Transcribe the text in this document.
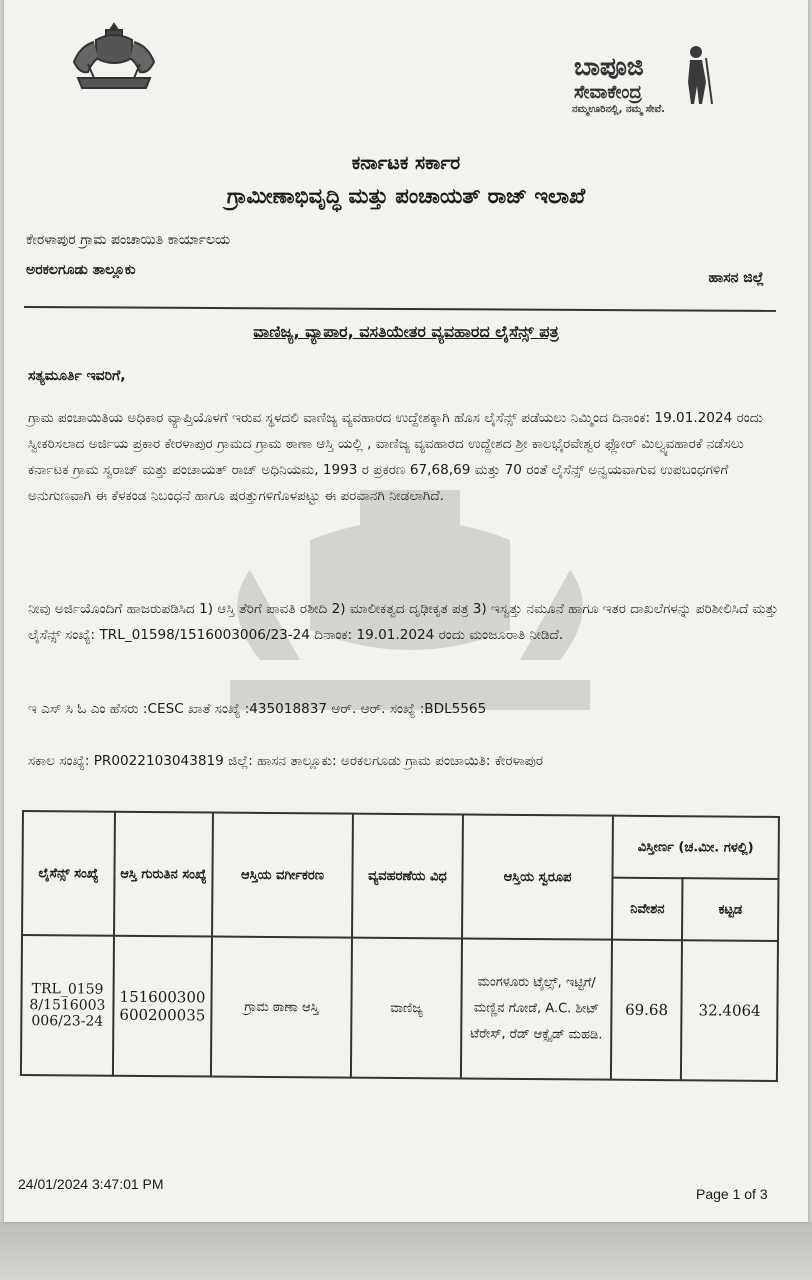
ಬಾಪೂಜಿ
ಸೇವಾಕೇಂದ್ರ
ನಮ್ಮಊರಿನಲ್ಲಿ, ನಮ್ಮ ಸೇವೆ.
ಕರ್ನಾಟಕ ಸರ್ಕಾರ
ಗ್ರಾಮೀಣಾಭಿವೃದ್ಧಿ ಮತ್ತು ಪಂಚಾಯತ್ ರಾಜ್ ಇಲಾಖೆ
ಕೇರಳಾಪುರ ಗ್ರಾಮ ಪಂಚಾಯಿತಿ ಕಾರ್ಯಾಲಯ
ಅರಕಲಗೂಡು ತಾಲ್ಲೂಕು	ಹಾಸನ ಜಿಲ್ಲೆ
ವಾಣಿಜ್ಯ, ವ್ಯಾಪಾರ, ವಸತಿಯೇತರ ವ್ಯವಹಾರದ ಲೈಸೆನ್ಸ್ ಪತ್ರ
ಸತ್ಯಮೂರ್ತಿ ಇವರಿಗೆ,
ಗ್ರಾಮ ಪಂಚಾಯಿತಿಯ ಅಧಿಕಾರ ವ್ಯಾಪ್ತಿಯೊಳಗೆ ಇರುವ ಸ್ಥಳದಲಿ ವಾಣಿಜ್ಯ ವ್ಯವಹಾರದ ಉದ್ದೇಶಕ್ಕಾಗಿ ಹೊಸ ಲೈಸೆನ್ಸ್ ಪಡೆಯಲು ನಿಮ್ಮಿಂದ ದಿನಾಂಕ: 19.01.2024 ರಂದು ಸ್ವೀಕರಿಸಲಾದ ಅರ್ಜಿಯ ಪ್ರಕಾರ ಕೇರಳಾಪುರ ಗ್ರಾಮದ ಗ್ರಾಮ ಠಾಣಾ ಆಸ್ತಿ ಯಲ್ಲಿ , ವಾಣಿಜ್ಯ ವ್ಯವಹಾರದ ಉದ್ದೇಶದ ಶ್ರೀ ಕಾಲಭೈರವೇಶ್ವರ ಫ್ಲೋರ್ ಮಿಲ್ವ್ಯವಹಾರಕೆ ನಡೆಸಲು ಕರ್ನಾಟಕ ಗ್ರಾಮ ಸ್ವರಾಜ್ ಮತ್ತು ಪಂಚಾಯತ್ ರಾಜ್ ಅಧಿನಿಯಮ, 1993 ರ ಪ್ರಕರಣ 67,68,69 ಮತ್ತು 70 ರಂತೆ ಲೈಸೆನ್ಸ್ ಅನ್ವಯವಾಗುವ ಉಪಬಂಧಗಳಿಗೆ ಅನುಗುಣವಾಗಿ ಈ ಕೆಳಕಂಡ ನಿಬಂಧನೆ ಹಾಗೂ ಷರತ್ತುಗಳಿಗೊಳಪಟ್ಟು ಈ ಪರವಾನಗಿ ನೀಡಲಾಗಿದೆ.
ನೀವು ಅರ್ಜಿಯೊಂದಿಗೆ ಹಾಜರುಪಡಿಸಿದ 1) ಆಸ್ತಿ ತೆರಿಗೆ ಪಾವತಿ ರಶೀದಿ 2) ಮಾಲೀಕತ್ವದ ದೃಢೀಕೃತ ಪತ್ರ 3) ಇಸ್ವತ್ತು ನಮೂನೆ ಹಾಗೂ ಇತರ ದಾಖಲೆಗಳನ್ನು ಪರಿಶೀಲಿಸಿದೆ ಮತ್ತು ಲೈಸೆನ್ಸ್ ಸಂಖ್ಯೆ: TRL_01598/1516003006/23-24 ದಿನಾಂಕ: 19.01.2024 ರಂದು ಮಂಜೂರಾತಿ ನೀಡಿದೆ.
ಇ ಎಸ್ ಸಿ ಓ ಎಂ ಹೆಸರು :CESC ಖಾತೆ ಸಂಖ್ಯೆ :435018837 ಆರ್. ಆರ್. ಸಂಖ್ಯೆ :BDL5565
ಸಕಾಲ ಸಂಖ್ಯೆ: PR0022103043819 ಜಿಲ್ಲೆ: ಹಾಸನ ತಾಲ್ಲೂಕು: ಅರಕಲಗೂಡು ಗ್ರಾಮ ಪಂಚಾಯಿತಿ: ಕೇರಳಾಪುರ
ಲೈಸೆನ್ಸ್ ಸಂಖ್ಯೆ	ಆಸ್ತಿ ಗುರುತಿನ ಸಂಖ್ಯೆ	ಆಸ್ತಿಯ ವರ್ಗೀಕರಣ	ವ್ಯವಹರಣೆಯ ವಿಧ	ಆಸ್ತಿಯ ಸ್ವರೂಪ	ವಿಸ್ತೀರ್ಣ (ಚ.ಮೀ. ಗಳಲ್ಲಿ)	
					ನಿವೇಶನ	ಕಟ್ಟಡ
TRL_01598/1516003006/23-24	151600300600200035	ಗ್ರಾಮ ಠಾಣಾ ಆಸ್ತಿ	ವಾಣಿಜ್ಯ	ಮಂಗಳೂರು ಟೈಲ್ಸ್, ಇಟ್ಟಿಗೆ/ ಮಣ್ಣಿನ ಗೋಡೆ, A.C. ಶೀಟ್ ಟೆರೇಸ್, ರೆಡ್ ಆಕ್ಸೈಡ್ ಮಹಡಿ.	69.68	32.4064
24/01/2024 3:47:01 PM
Page 1 of 3
